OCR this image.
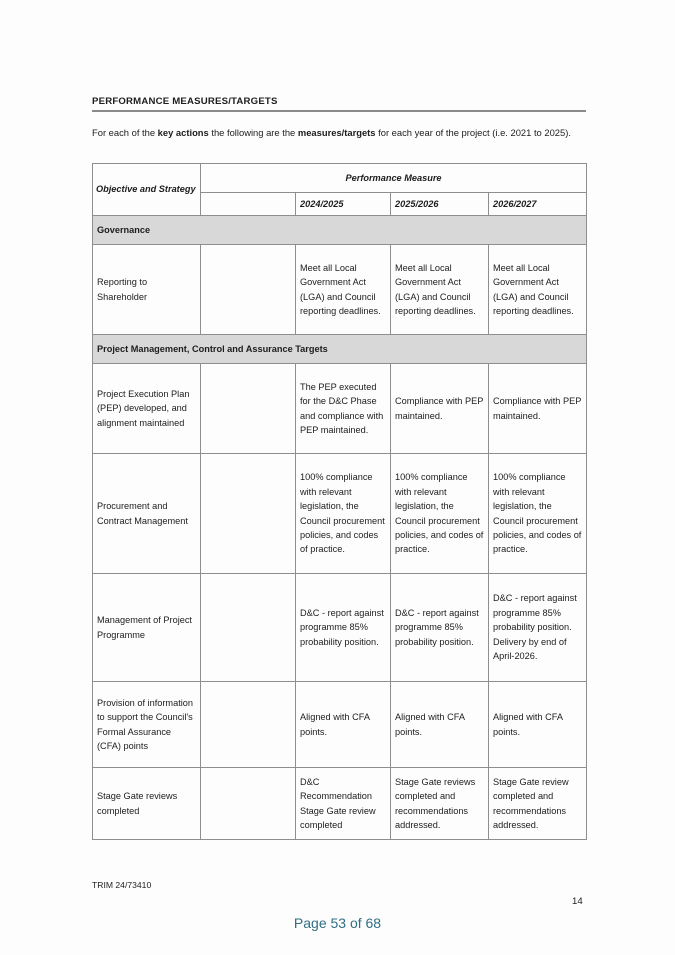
PERFORMANCE MEASURES/TARGETS
For each of the key actions the following are the measures/targets for each year of the project (i.e. 2021 to 2025).
Objective and Strategy	Performance Measure			
		2024/2025	2025/2026	2026/2027
Governance				
Reporting to Shareholder		Meet all Local Government Act (LGA) and Council reporting deadlines.	Meet all Local Government Act (LGA) and Council reporting deadlines.	Meet all Local Government Act (LGA) and Council reporting deadlines.
Project Management, Control and Assurance Targets				
Project Execution Plan (PEP) developed, and alignment maintained		The PEP executed for the D&C Phase and compliance with PEP maintained.	Compliance with PEP maintained.	Compliance with PEP maintained.
Procurement and Contract Management		100% compliance with relevant legislation, the Council procurement policies, and codes of practice.	100% compliance with relevant legislation, the Council procurement policies, and codes of practice.	100% compliance with relevant legislation, the Council procurement policies, and codes of practice.
Management of Project Programme		D&C - report against programme 85% probability position.	D&C - report against programme 85% probability position.	D&C - report against programme 85% probability position. Delivery by end of April-2026.
Provision of information to support the Council's Formal Assurance (CFA) points		Aligned with CFA points.	Aligned with CFA points.	Aligned with CFA points.
Stage Gate reviews completed		D&C Recommendation Stage Gate review completed	Stage Gate reviews completed and recommendations addressed.	Stage Gate review completed and recommendations addressed.
TRIM 24/73410
14
Page 53 of 68
